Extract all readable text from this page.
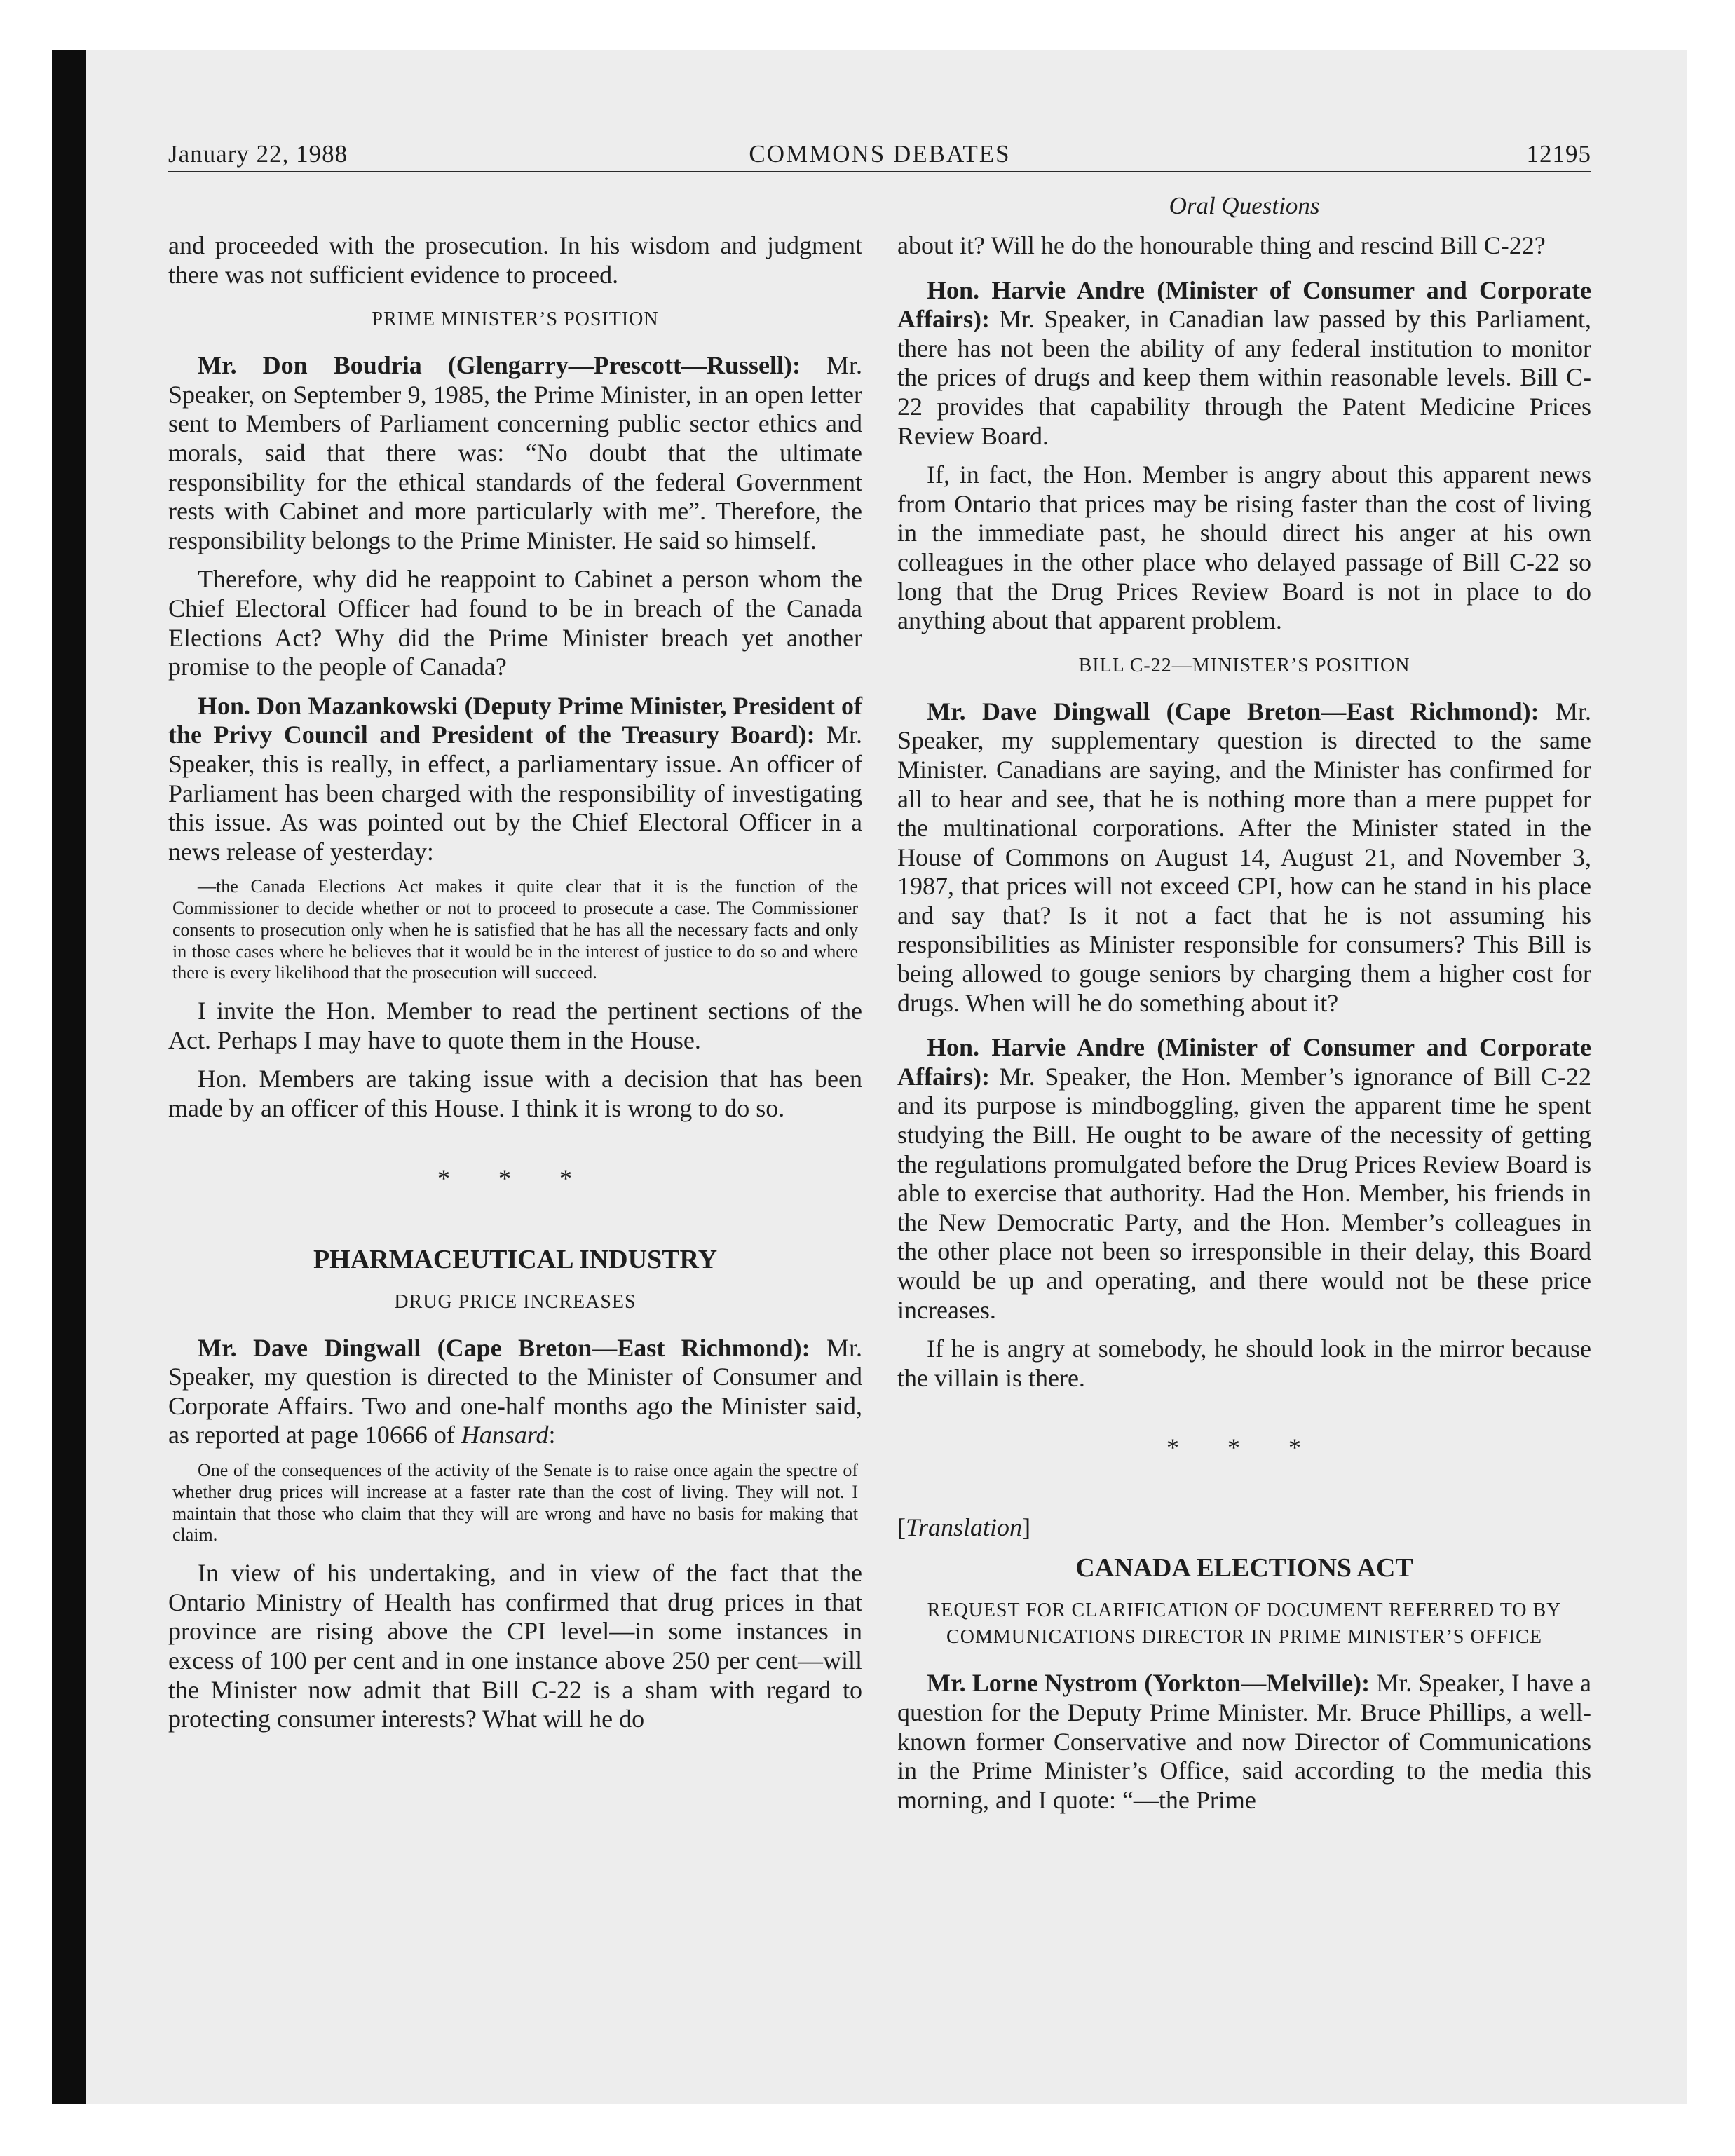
January 22, 1988	COMMONS DEBATES	12195
Oral Questions

and proceeded with the prosecution. In his wisdom and judgment there was not sufficient evidence to proceed.

PRIME MINISTER’S POSITION

Mr. Don Boudria (Glengarry—Prescott—Russell): Mr. Speaker, on September 9, 1985, the Prime Minister, in an open letter sent to Members of Parliament concerning public sector ethics and morals, said that there was: “No doubt that the ultimate responsibility for the ethical standards of the federal Government rests with Cabinet and more particularly with me”. Therefore, the responsibility belongs to the Prime Minister. He said so himself.

Therefore, why did he reappoint to Cabinet a person whom the Chief Electoral Officer had found to be in breach of the Canada Elections Act? Why did the Prime Minister breach yet another promise to the people of Canada?

Hon. Don Mazankowski (Deputy Prime Minister, President of the Privy Council and President of the Treasury Board): Mr. Speaker, this is really, in effect, a parliamentary issue. An officer of Parliament has been charged with the responsibility of investigating this issue. As was pointed out by the Chief Electoral Officer in a news release of yesterday:

—the Canada Elections Act makes it quite clear that it is the function of the Commissioner to decide whether or not to proceed to prosecute a case. The Commissioner consents to prosecution only when he is satisfied that he has all the necessary facts and only in those cases where he believes that it would be in the interest of justice to do so and where there is every likelihood that the prosecution will succeed.

I invite the Hon. Member to read the pertinent sections of the Act. Perhaps I may have to quote them in the House.

Hon. Members are taking issue with a decision that has been made by an officer of this House. I think it is wrong to do so.

* * *
PHARMACEUTICAL INDUSTRY
DRUG PRICE INCREASES

Mr. Dave Dingwall (Cape Breton—East Richmond): Mr. Speaker, my question is directed to the Minister of Consumer and Corporate Affairs. Two and one-half months ago the Minister said, as reported at page 10666 of Hansard:

One of the consequences of the activity of the Senate is to raise once again the spectre of whether drug prices will increase at a faster rate than the cost of living. They will not. I maintain that those who claim that they will are wrong and have no basis for making that claim.

In view of his undertaking, and in view of the fact that the Ontario Ministry of Health has confirmed that drug prices in that province are rising above the CPI level—in some instances in excess of 100 per cent and in one instance above 250 per cent—will the Minister now admit that Bill C-22 is a sham with regard to protecting consumer interests? What will he do

about it? Will he do the honourable thing and rescind Bill C-22?

Hon. Harvie Andre (Minister of Consumer and Corporate Affairs): Mr. Speaker, in Canadian law passed by this Parliament, there has not been the ability of any federal institution to monitor the prices of drugs and keep them within reasonable levels. Bill C-22 provides that capability through the Patent Medicine Prices Review Board.

If, in fact, the Hon. Member is angry about this apparent news from Ontario that prices may be rising faster than the cost of living in the immediate past, he should direct his anger at his own colleagues in the other place who delayed passage of Bill C-22 so long that the Drug Prices Review Board is not in place to do anything about that apparent problem.

BILL C-22—MINISTER’S POSITION

Mr. Dave Dingwall (Cape Breton—East Richmond): Mr. Speaker, my supplementary question is directed to the same Minister. Canadians are saying, and the Minister has confirmed for all to hear and see, that he is nothing more than a mere puppet for the multinational corporations. After the Minister stated in the House of Commons on August 14, August 21, and November 3, 1987, that prices will not exceed CPI, how can he stand in his place and say that? Is it not a fact that he is not assuming his responsibilities as Minister responsible for consumers? This Bill is being allowed to gouge seniors by charging them a higher cost for drugs. When will he do something about it?

Hon. Harvie Andre (Minister of Consumer and Corporate Affairs): Mr. Speaker, the Hon. Member’s ignorance of Bill C-22 and its purpose is mindboggling, given the apparent time he spent studying the Bill. He ought to be aware of the necessity of getting the regulations promulgated before the Drug Prices Review Board is able to exercise that authority. Had the Hon. Member, his friends in the New Democratic Party, and the Hon. Member’s colleagues in the other place not been so irresponsible in their delay, this Board would be up and operating, and there would not be these price increases.

If he is angry at somebody, he should look in the mirror because the villain is there.

* * *
[Translation]
CANADA ELECTIONS ACT
REQUEST FOR CLARIFICATION OF DOCUMENT REFERRED TO BY COMMUNICATIONS DIRECTOR IN PRIME MINISTER’S OFFICE

Mr. Lorne Nystrom (Yorkton—Melville): Mr. Speaker, I have a question for the Deputy Prime Minister. Mr. Bruce Phillips, a well-known former Conservative and now Director of Communications in the Prime Minister’s Office, said according to the media this morning, and I quote: “—the Prime
